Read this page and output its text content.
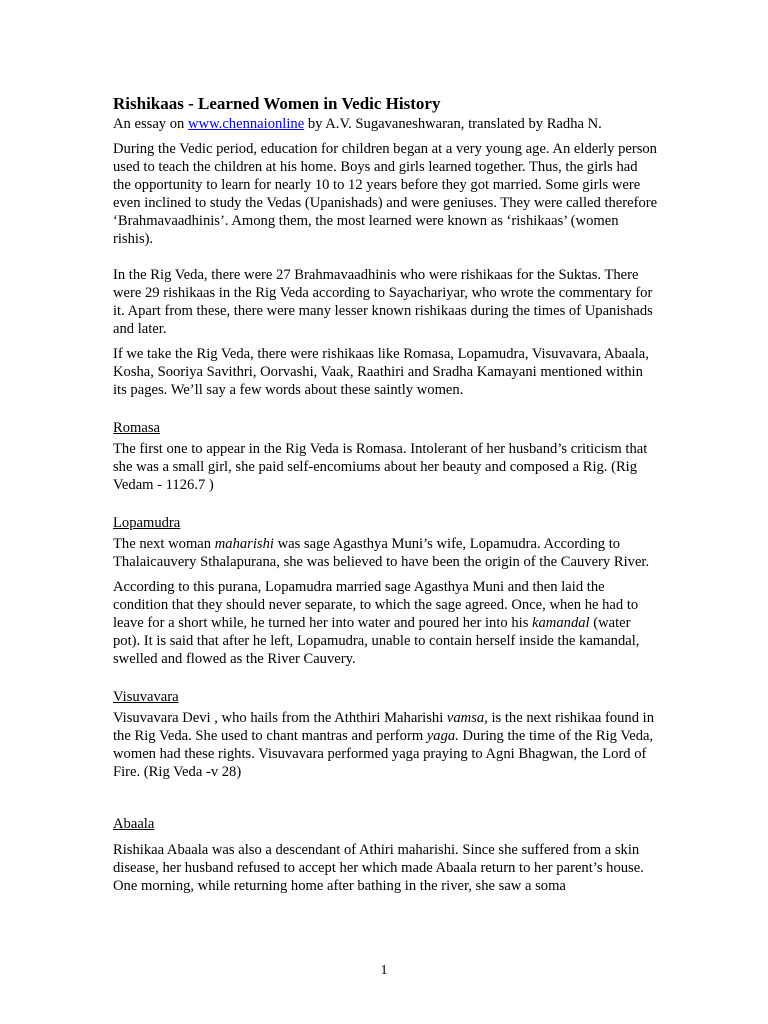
Rishikaas - Learned Women in Vedic History

An essay on www.chennaionline by A.V. Sugavaneshwaran, translated by Radha N.

During the Vedic period, education for children began at a very young age. An elderly person used to teach the children at his home. Boys and girls learned together. Thus, the girls had the opportunity to learn for nearly 10 to 12 years before they got married. Some girls were even inclined to study the Vedas (Upanishads) and were geniuses. They were called therefore ‘Brahmavaadhinis’. Among them, the most learned were known as ‘rishikaas’ (women rishis).

In the Rig Veda, there were 27 Brahmavaadhinis who were rishikaas for the Suktas. There were 29 rishikaas in the Rig Veda according to Sayachariyar, who wrote the commentary for it. Apart from these, there were many lesser known rishikaas during the times of Upanishads and later.

If we take the Rig Veda, there were rishikaas like Romasa, Lopamudra, Visuvavara, Abaala, Kosha, Sooriya Savithri, Oorvashi, Vaak, Raathiri and Sradha Kamayani mentioned within its pages. We’ll say a few words about these saintly women.

Romasa

The first one to appear in the Rig Veda is Romasa. Intolerant of her husband’s criticism that she was a small girl, she paid self-encomiums about her beauty and composed a Rig. (Rig Vedam - 1126.7 )

Lopamudra

The next woman maharishi was sage Agasthya Muni’s wife, Lopamudra. According to Thalaicauvery Sthalapurana, she was believed to have been the origin of the Cauvery River.

According to this purana, Lopamudra married sage Agasthya Muni and then laid the condition that they should never separate, to which the sage agreed. Once, when he had to leave for a short while, he turned her into water and poured her into his kamandal (water pot). It is said that after he left, Lopamudra, unable to contain herself inside the kamandal, swelled and flowed as the River Cauvery.

Visuvavara

Visuvavara Devi , who hails from the Aththiri Maharishi vamsa, is the next rishikaa found in the Rig Veda. She used to chant mantras and perform yaga. During the time of the Rig Veda, women had these rights. Visuvavara performed yaga praying to Agni Bhagwan, the Lord of Fire. (Rig Veda -v 28)

Abaala

Rishikaa Abaala was also a descendant of Athiri maharishi. Since she suffered from a skin disease, her husband refused to accept her which made Abaala return to her parent’s house. One morning, while returning home after bathing in the river, she saw a soma

1
